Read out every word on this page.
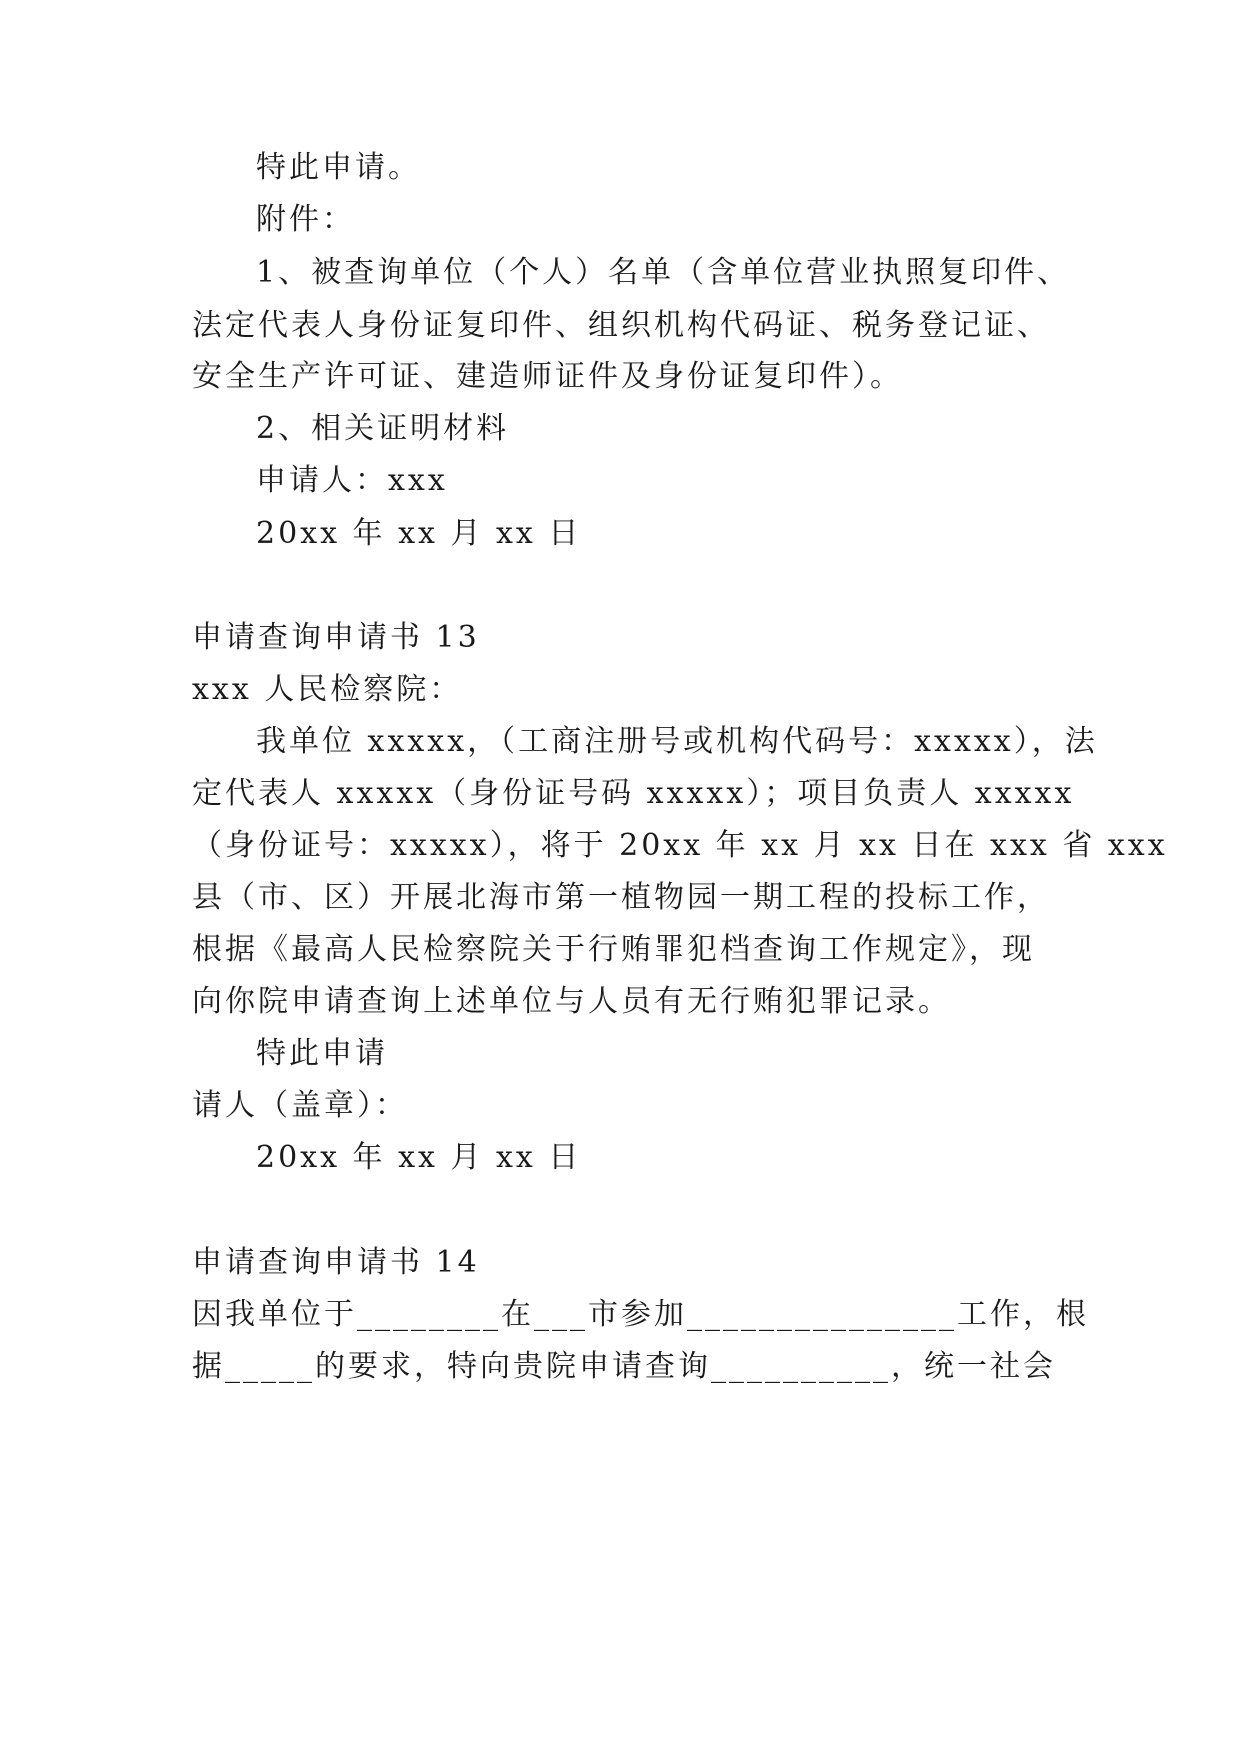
特此申请。
附件：
1、被查询单位（个人）名单（含单位营业执照复印件、
法定代表人身份证复印件、组织机构代码证、税务登记证、
安全生产许可证、建造师证件及身份证复印件）。
2、相关证明材料
申请人：xxx
20xx 年 xx 月 xx 日
申请查询申请书 13
xxx 人民检察院：
我单位 xxxxx，（工商注册号或机构代码号：xxxxx），法
定代表人 xxxxx（身份证号码 xxxxx）；项目负责人 xxxxx
（身份证号：xxxxx），将于 20xx 年 xx 月 xx 日在 xxx 省 xxx
县（市、区）开展北海市第一植物园一期工程的投标工作，
根据《最高人民检察院关于行贿罪犯档查询工作规定》，现
向你院申请查询上述单位与人员有无行贿犯罪记录。
特此申请
请人（盖章）：
20xx 年 xx 月 xx 日
申请查询申请书 14
因我单位于________在___市参加_______________工作，根
据_____的要求，特向贵院申请查询__________，统一社会
